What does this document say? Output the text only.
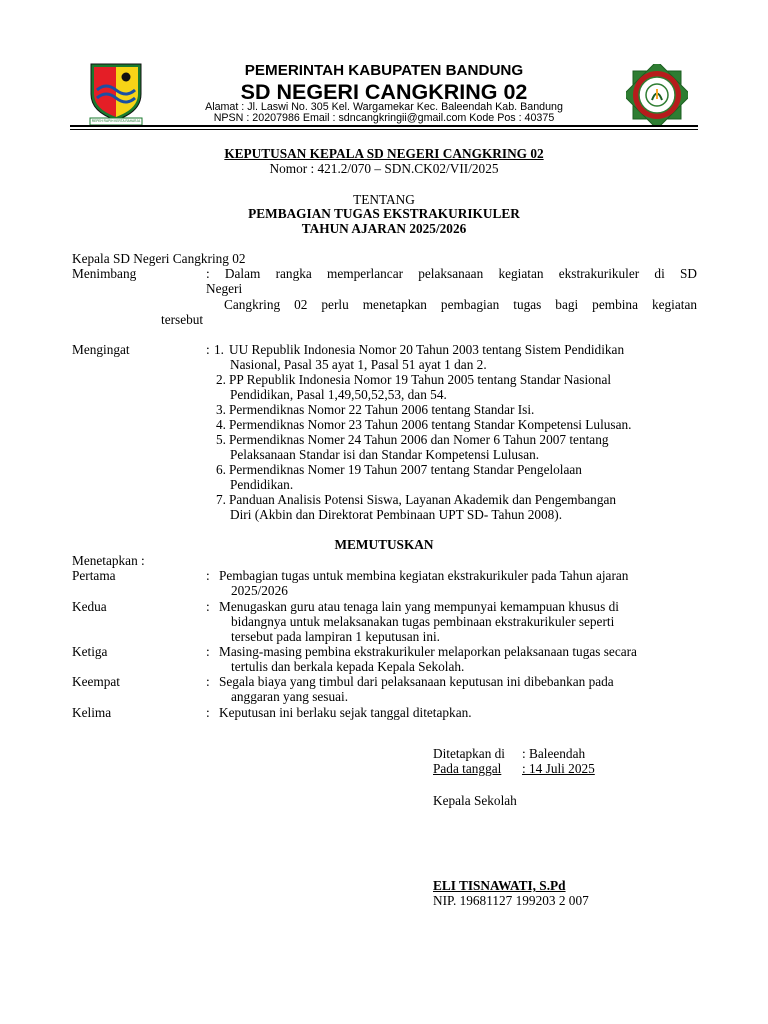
REPEH RAPIH KERTA RAHARJA
PEMERINTAH KABUPATEN BANDUNG
SD NEGERI CANGKRING 02
Alamat : Jl. Laswi No. 305 Kel. Wargamekar Kec. Baleendah Kab. Bandung
NPSN : 20207986 Email : sdncangkringii@gmail.com Kode Pos : 40375
KEPUTUSAN KEPALA SD NEGERI CANGKRING 02
Nomor : 421.2/070 – SDN.CK02/VII/2025
TENTANG
PEMBAGIAN TUGAS EKSTRAKURIKULER
TAHUN AJARAN 2025/2026
Kepala SD Negeri Cangkring 02
Menimbang	: Dalam rangka memperlancar pelaksanaan kegiatan ekstrakurikuler di SD
Negeri
Cangkring 02 perlu menetapkan pembagian tugas bagi pembina kegiatan
tersebut
Mengingat	: 1. UU Republik Indonesia Nomor 20 Tahun 2003 tentang Sistem Pendidikan
Nasional, Pasal 35 ayat 1, Pasal 51 ayat 1 dan 2.
2. PP Republik Indonesia Nomor 19 Tahun 2005 tentang Standar Nasional
Pendidikan, Pasal 1,49,50,52,53, dan 54.
3. Permendiknas Nomor 22 Tahun 2006 tentang Standar Isi.
4. Permendiknas Nomor 23 Tahun 2006 tentang Standar Kompetensi Lulusan.
5. Permendiknas Nomer 24 Tahun 2006 dan Nomer 6 Tahun 2007 tentang
Pelaksanaan Standar isi dan Standar Kompetensi Lulusan.
6. Permendiknas Nomer 19 Tahun 2007 tentang Standar Pengelolaan
Pendidikan.
7. Panduan Analisis Potensi Siswa, Layanan Akademik dan Pengembangan
Diri (Akbin dan Direktorat Pembinaan UPT SD- Tahun 2008).
MEMUTUSKAN
Menetapkan :
Pertama	: Pembagian tugas untuk membina kegiatan ekstrakurikuler pada Tahun ajaran
2025/2026
Kedua	: Menugaskan guru atau tenaga lain yang mempunyai kemampuan khusus di
bidangnya untuk melaksanakan tugas pembinaan ekstrakurikuler seperti
tersebut pada lampiran 1 keputusan ini.
Ketiga	: Masing-masing pembina ekstrakurikuler melaporkan pelaksanaan tugas secara
tertulis dan berkala kepada Kepala Sekolah.
Keempat	: Segala biaya yang timbul dari pelaksanaan keputusan ini dibebankan pada
anggaran yang sesuai.
Kelima	: Keputusan ini berlaku sejak tanggal ditetapkan.
Ditetapkan di : Baleendah
Pada tanggal	: 14 Juli 2025
Kepala Sekolah
ELI TISNAWATI, S.Pd
NIP. 19681127 199203 2 007
